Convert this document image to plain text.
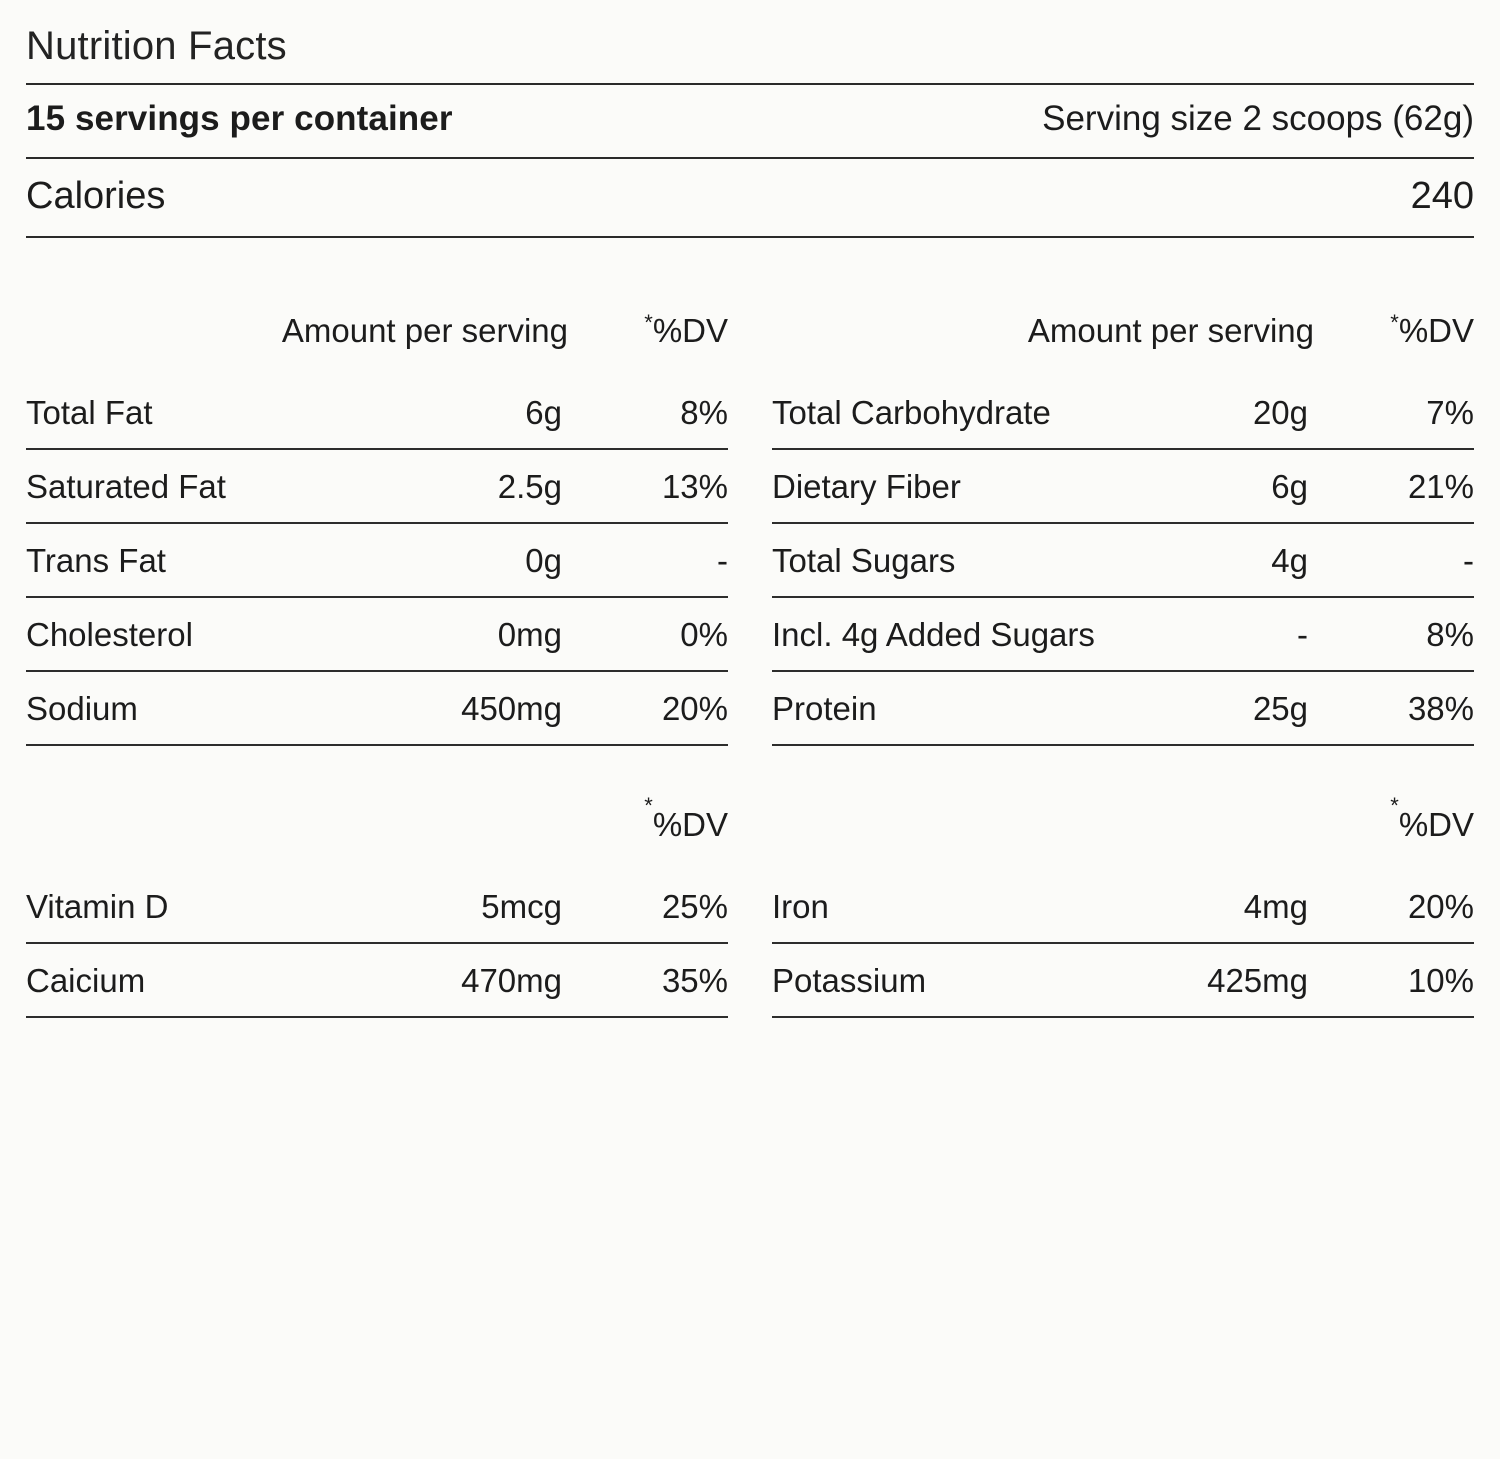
Nutrition Facts
15 servings per container	Serving size 2 scoops (62g)
Calories	240
Amount per serving	*%DV
Total Fat	6g	8%
Saturated Fat	2.5g	13%
Trans Fat	0g	-
Cholesterol	0mg	0%
Sodium	450mg	20%
*
%DV
Vitamin D	5mcg	25%
Caicium	470mg	35%
Amount per serving	*%DV
Total Carbohydrate	20g	7%
Dietary Fiber	6g	21%
Total Sugars	4g	-
Incl. 4g Added Sugars	-	8%
Protein	25g	38%
*
%DV
Iron	4mg	20%
Potassium	425mg	10%
